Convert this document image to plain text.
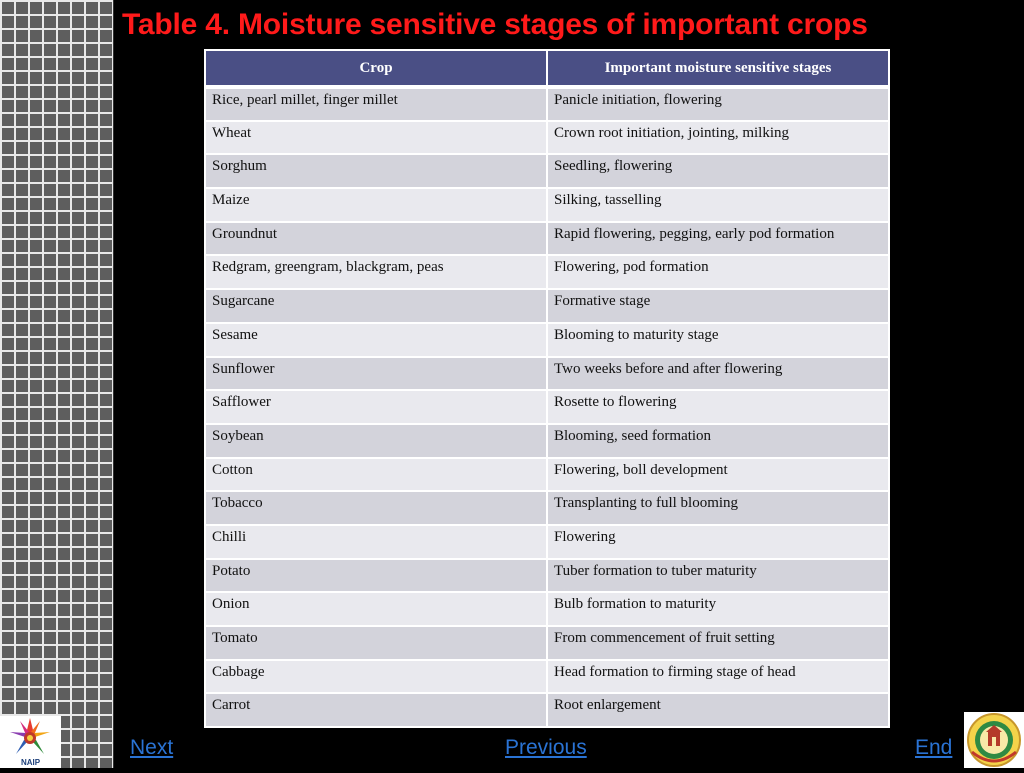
Table 4. Moisture sensitive stages of important crops
Crop	Important moisture sensitive stages
Rice, pearl millet, finger millet	Panicle initiation, flowering
Wheat	Crown root initiation, jointing, milking
Sorghum	Seedling, flowering
Maize	Silking, tasselling
Groundnut	Rapid flowering, pegging, early pod formation
Redgram, greengram, blackgram, peas	Flowering, pod formation
Sugarcane	Formative stage
Sesame	Blooming to maturity stage
Sunflower	Two weeks before and after flowering
Safflower	Rosette to flowering
Soybean	Blooming, seed formation
Cotton	Flowering, boll development
Tobacco	Transplanting to full blooming
Chilli	Flowering
Potato	Tuber formation to tuber maturity
Onion	Bulb formation to maturity
Tomato	From commencement of fruit setting
Cabbage	Head formation to firming stage of head
Carrot	Root enlargement
Next	Previous	End
NAIP
